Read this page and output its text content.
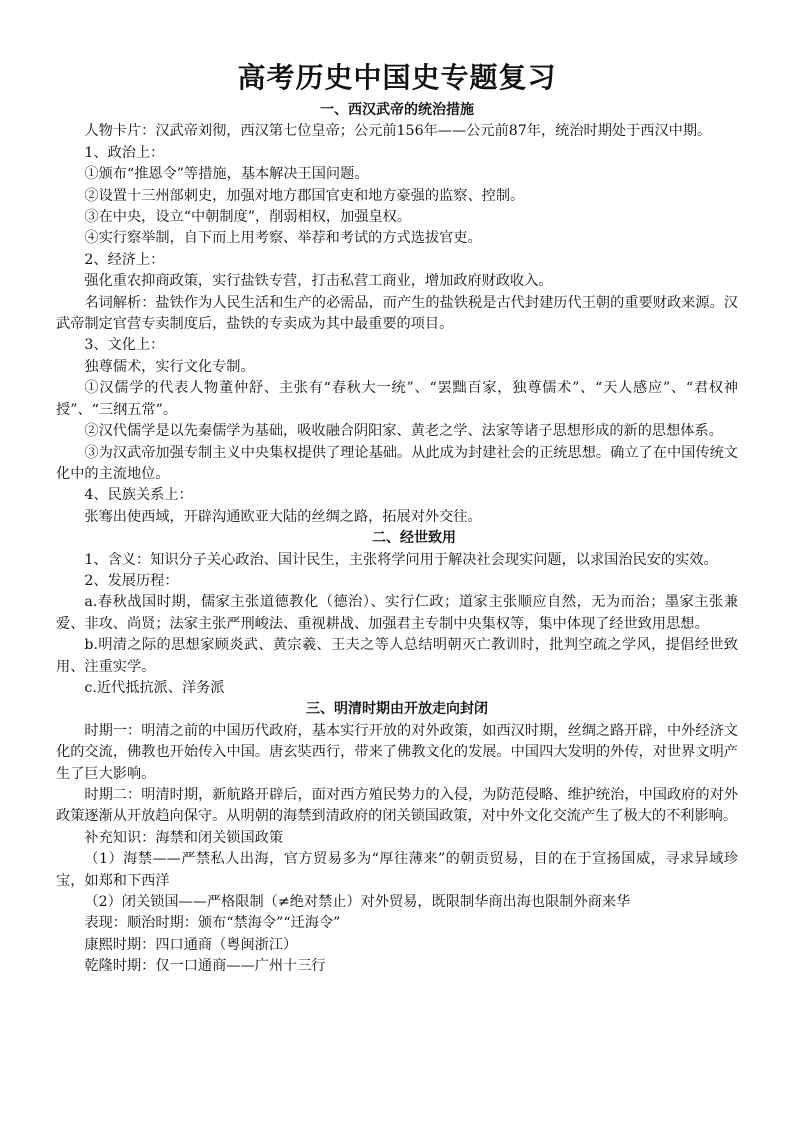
高考历史中国史专题复习
一、西汉武帝的统治措施

人物卡片：汉武帝刘彻，西汉第七位皇帝；公元前156年——公元前87年，统治时期处于西汉中期。

1、政治上：

①颁布“推恩令”等措施，基本解决王国问题。

②设置十三州部刺史，加强对地方郡国官吏和地方豪强的监察、控制。

③在中央，设立“中朝制度”，削弱相权，加强皇权。

④实行察举制，自下而上用考察、举荐和考试的方式选拔官吏。

2、经济上：

强化重农抑商政策，实行盐铁专营，打击私营工商业，增加政府财政收入。

名词解析：盐铁作为人民生活和生产的必需品，而产生的盐铁税是古代封建历代王朝的重要财政来源。汉武帝制定官营专卖制度后，盐铁的专卖成为其中最重要的项目。

3、文化上：

独尊儒术，实行文化专制。

①汉儒学的代表人物董仲舒、主张有“春秋大一统”、“罢黜百家，独尊儒术”、“天人感应”、“君权神授”、“三纲五常”。

②汉代儒学是以先秦儒学为基础，吸收融合阴阳家、黄老之学、法家等诸子思想形成的新的思想体系。

③为汉武帝加强专制主义中央集权提供了理论基础。从此成为封建社会的正统思想。确立了在中国传统文化中的主流地位。

4、民族关系上：

张骞出使西域，开辟沟通欧亚大陆的丝绸之路，拓展对外交往。

二、经世致用

1、含义：知识分子关心政治、国计民生，主张将学问用于解决社会现实问题，以求国治民安的实效。

2、发展历程：

a.春秋战国时期，儒家主张道德教化（德治）、实行仁政；道家主张顺应自然，无为而治；墨家主张兼爱、非攻、尚贤；法家主张严刑峻法、重视耕战、加强君主专制中央集权等，集中体现了经世致用思想。

b.明清之际的思想家顾炎武、黄宗羲、王夫之等人总结明朝灭亡教训时，批判空疏之学风，提倡经世致用、注重实学。

c.近代抵抗派、洋务派

三、明清时期由开放走向封闭

时期一：明清之前的中国历代政府，基本实行开放的对外政策，如西汉时期，丝绸之路开辟，中外经济文化的交流，佛教也开始传入中国。唐玄奘西行，带来了佛教文化的发展。中国四大发明的外传，对世界文明产生了巨大影响。

时期二：明清时期，新航路开辟后，面对西方殖民势力的入侵，为防范侵略、维护统治，中国政府的对外政策逐渐从开放趋向保守。从明朝的海禁到清政府的闭关锁国政策，对中外文化交流产生了极大的不利影响。

补充知识：海禁和闭关锁国政策

（1）海禁——严禁私人出海，官方贸易多为“厚往薄来”的朝贡贸易，目的在于宣扬国威，寻求异域珍宝，如郑和下西洋

（2）闭关锁国——严格限制（≠绝对禁止）对外贸易，既限制华商出海也限制外商来华

表现：顺治时期：颁布“禁海令”“迁海令”

康熙时期：四口通商（粤闽浙江）

乾隆时期：仅一口通商——广州十三行
